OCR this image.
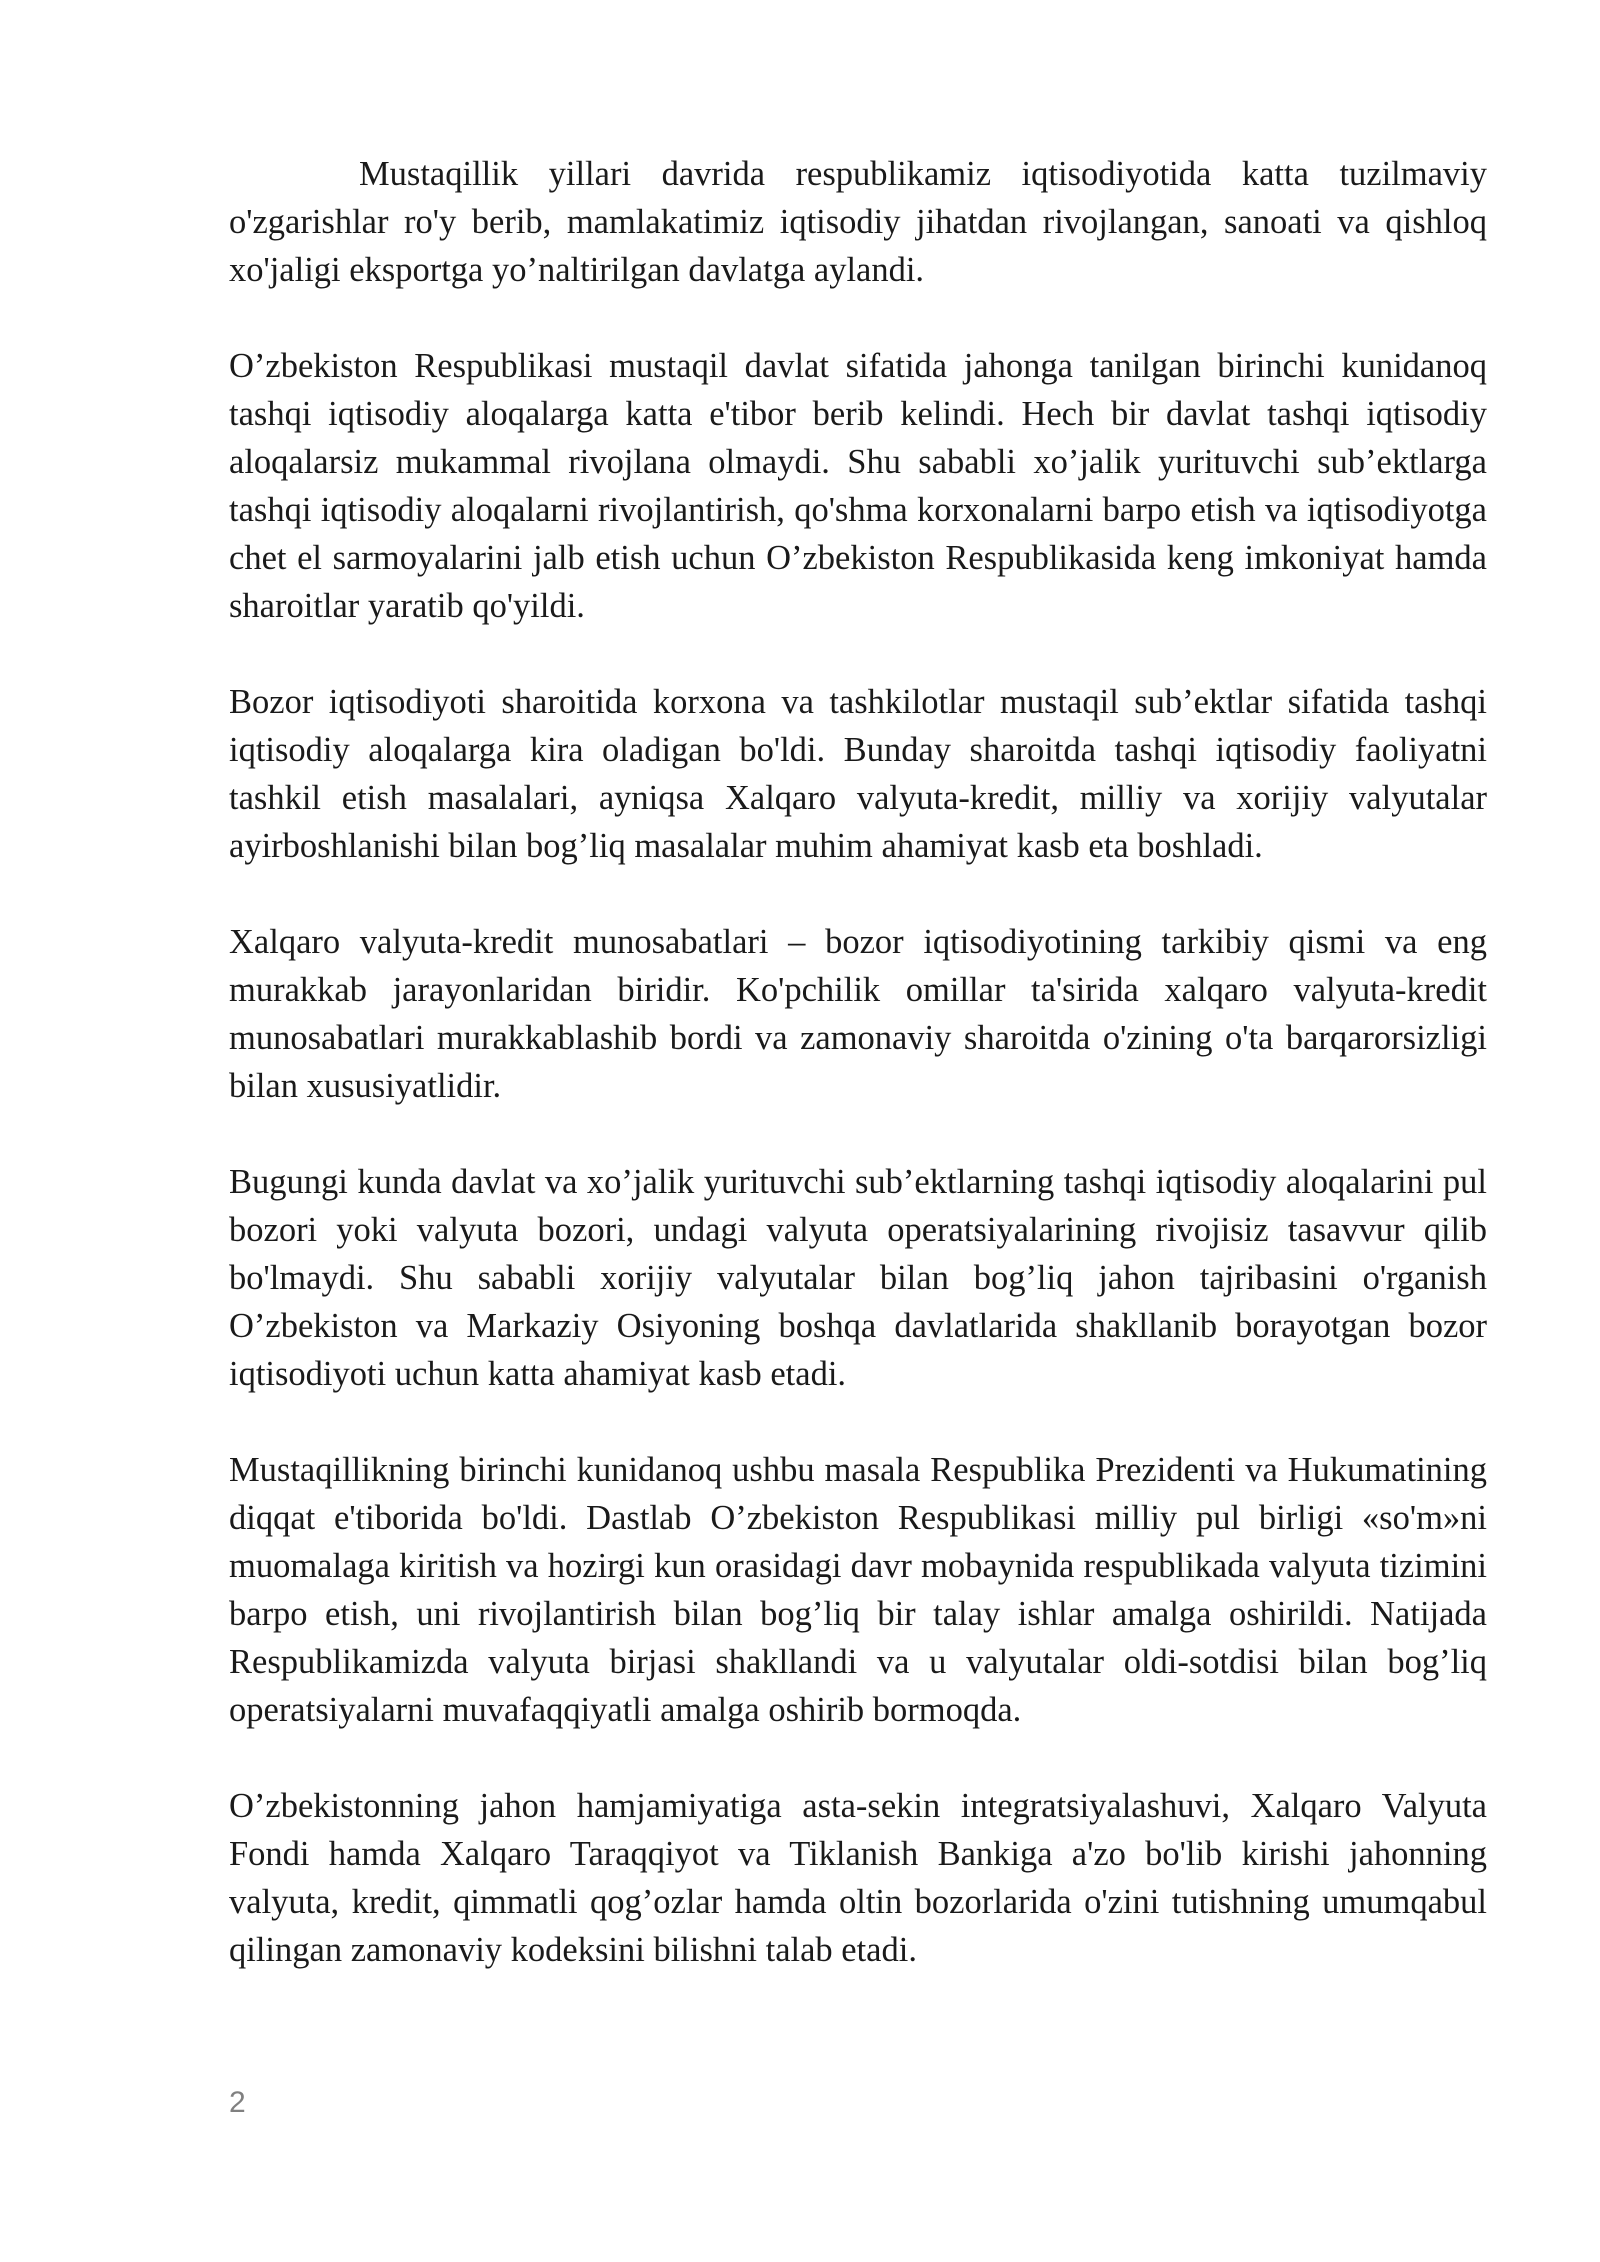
Mustaqillik yillari davrida respublikamiz iqtisodiyotida katta tuzilmaviy o'zgarishlar ro'y berib, mamlakatimiz iqtisodiy jihatdan rivojlangan, sanoati va qishloq xo'jaligi eksportga yo’naltirilgan davlatga aylandi.

O’zbekiston Respublikasi mustaqil davlat sifatida jahonga tanilgan birinchi kunidanoq tashqi iqtisodiy aloqalarga katta e'tibor berib kelindi. Hech bir davlat tashqi iqtisodiy aloqalarsiz mukammal rivojlana olmaydi. Shu sababli xo’jalik yurituvchi sub’ektlarga tashqi iqtisodiy aloqalarni rivojlantirish, qo'shma korxonalarni barpo etish va iqtisodiyotga chet el sarmoyalarini jalb etish uchun O’zbekiston Respublikasida keng imkoniyat hamda sharoitlar yaratib qo'yildi.

Bozor iqtisodiyoti sharoitida korxona va tashkilotlar mustaqil sub’ektlar sifatida tashqi iqtisodiy aloqalarga kira oladigan bo'ldi. Bunday sharoitda tashqi iqtisodiy faoliyatni tashkil etish masalalari, ayniqsa Xalqaro valyuta-kredit, milliy va xorijiy valyutalar ayirboshlanishi bilan bog’liq masalalar muhim ahamiyat kasb eta boshladi.

Xalqaro valyuta-kredit munosabatlari – bozor iqtisodiyotining tarkibiy qismi va eng murakkab jarayonlaridan biridir. Ko'pchilik omillar ta'sirida xalqaro valyuta-kredit munosabatlari murakkablashib bordi va zamonaviy sharoitda o'zining o'ta barqarorsizligi bilan xususiyatlidir.

Bugungi kunda davlat va xo’jalik yurituvchi sub’ektlarning tashqi iqtisodiy aloqalarini pul bozori yoki valyuta bozori, undagi valyuta operatsiyalarining rivojisiz tasavvur qilib bo'lmaydi. Shu sababli xorijiy valyutalar bilan bog’liq jahon tajribasini o'rganish O’zbekiston va Markaziy Osiyoning boshqa davlatlarida shakllanib borayotgan bozor iqtisodiyoti uchun katta ahamiyat kasb etadi.

Mustaqillikning birinchi kunidanoq ushbu masala Respublika Prezidenti va Hukumatining diqqat e'tiborida bo'ldi. Dastlab O’zbekiston Respublikasi milliy pul birligi «so'm»ni muomalaga kiritish va hozirgi kun orasidagi davr mobaynida respublikada valyuta tizimini barpo etish, uni rivojlantirish bilan bog’liq bir talay ishlar amalga oshirildi. Natijada Respublikamizda valyuta birjasi shakllandi va u valyutalar oldi-sotdisi bilan bog’liq operatsiyalarni muvafaqqiyatli amalga oshirib bormoqda.

O’zbekistonning jahon hamjamiyatiga asta-sekin integratsiyalashuvi, Xalqaro Valyuta Fondi hamda Xalqaro Taraqqiyot va Tiklanish Bankiga a'zo bo'lib kirishi jahonning valyuta, kredit, qimmatli qog’ozlar hamda oltin bozorlarida o'zini tutishning umumqabul qilingan zamonaviy kodeksini bilishni talab etadi.

2
